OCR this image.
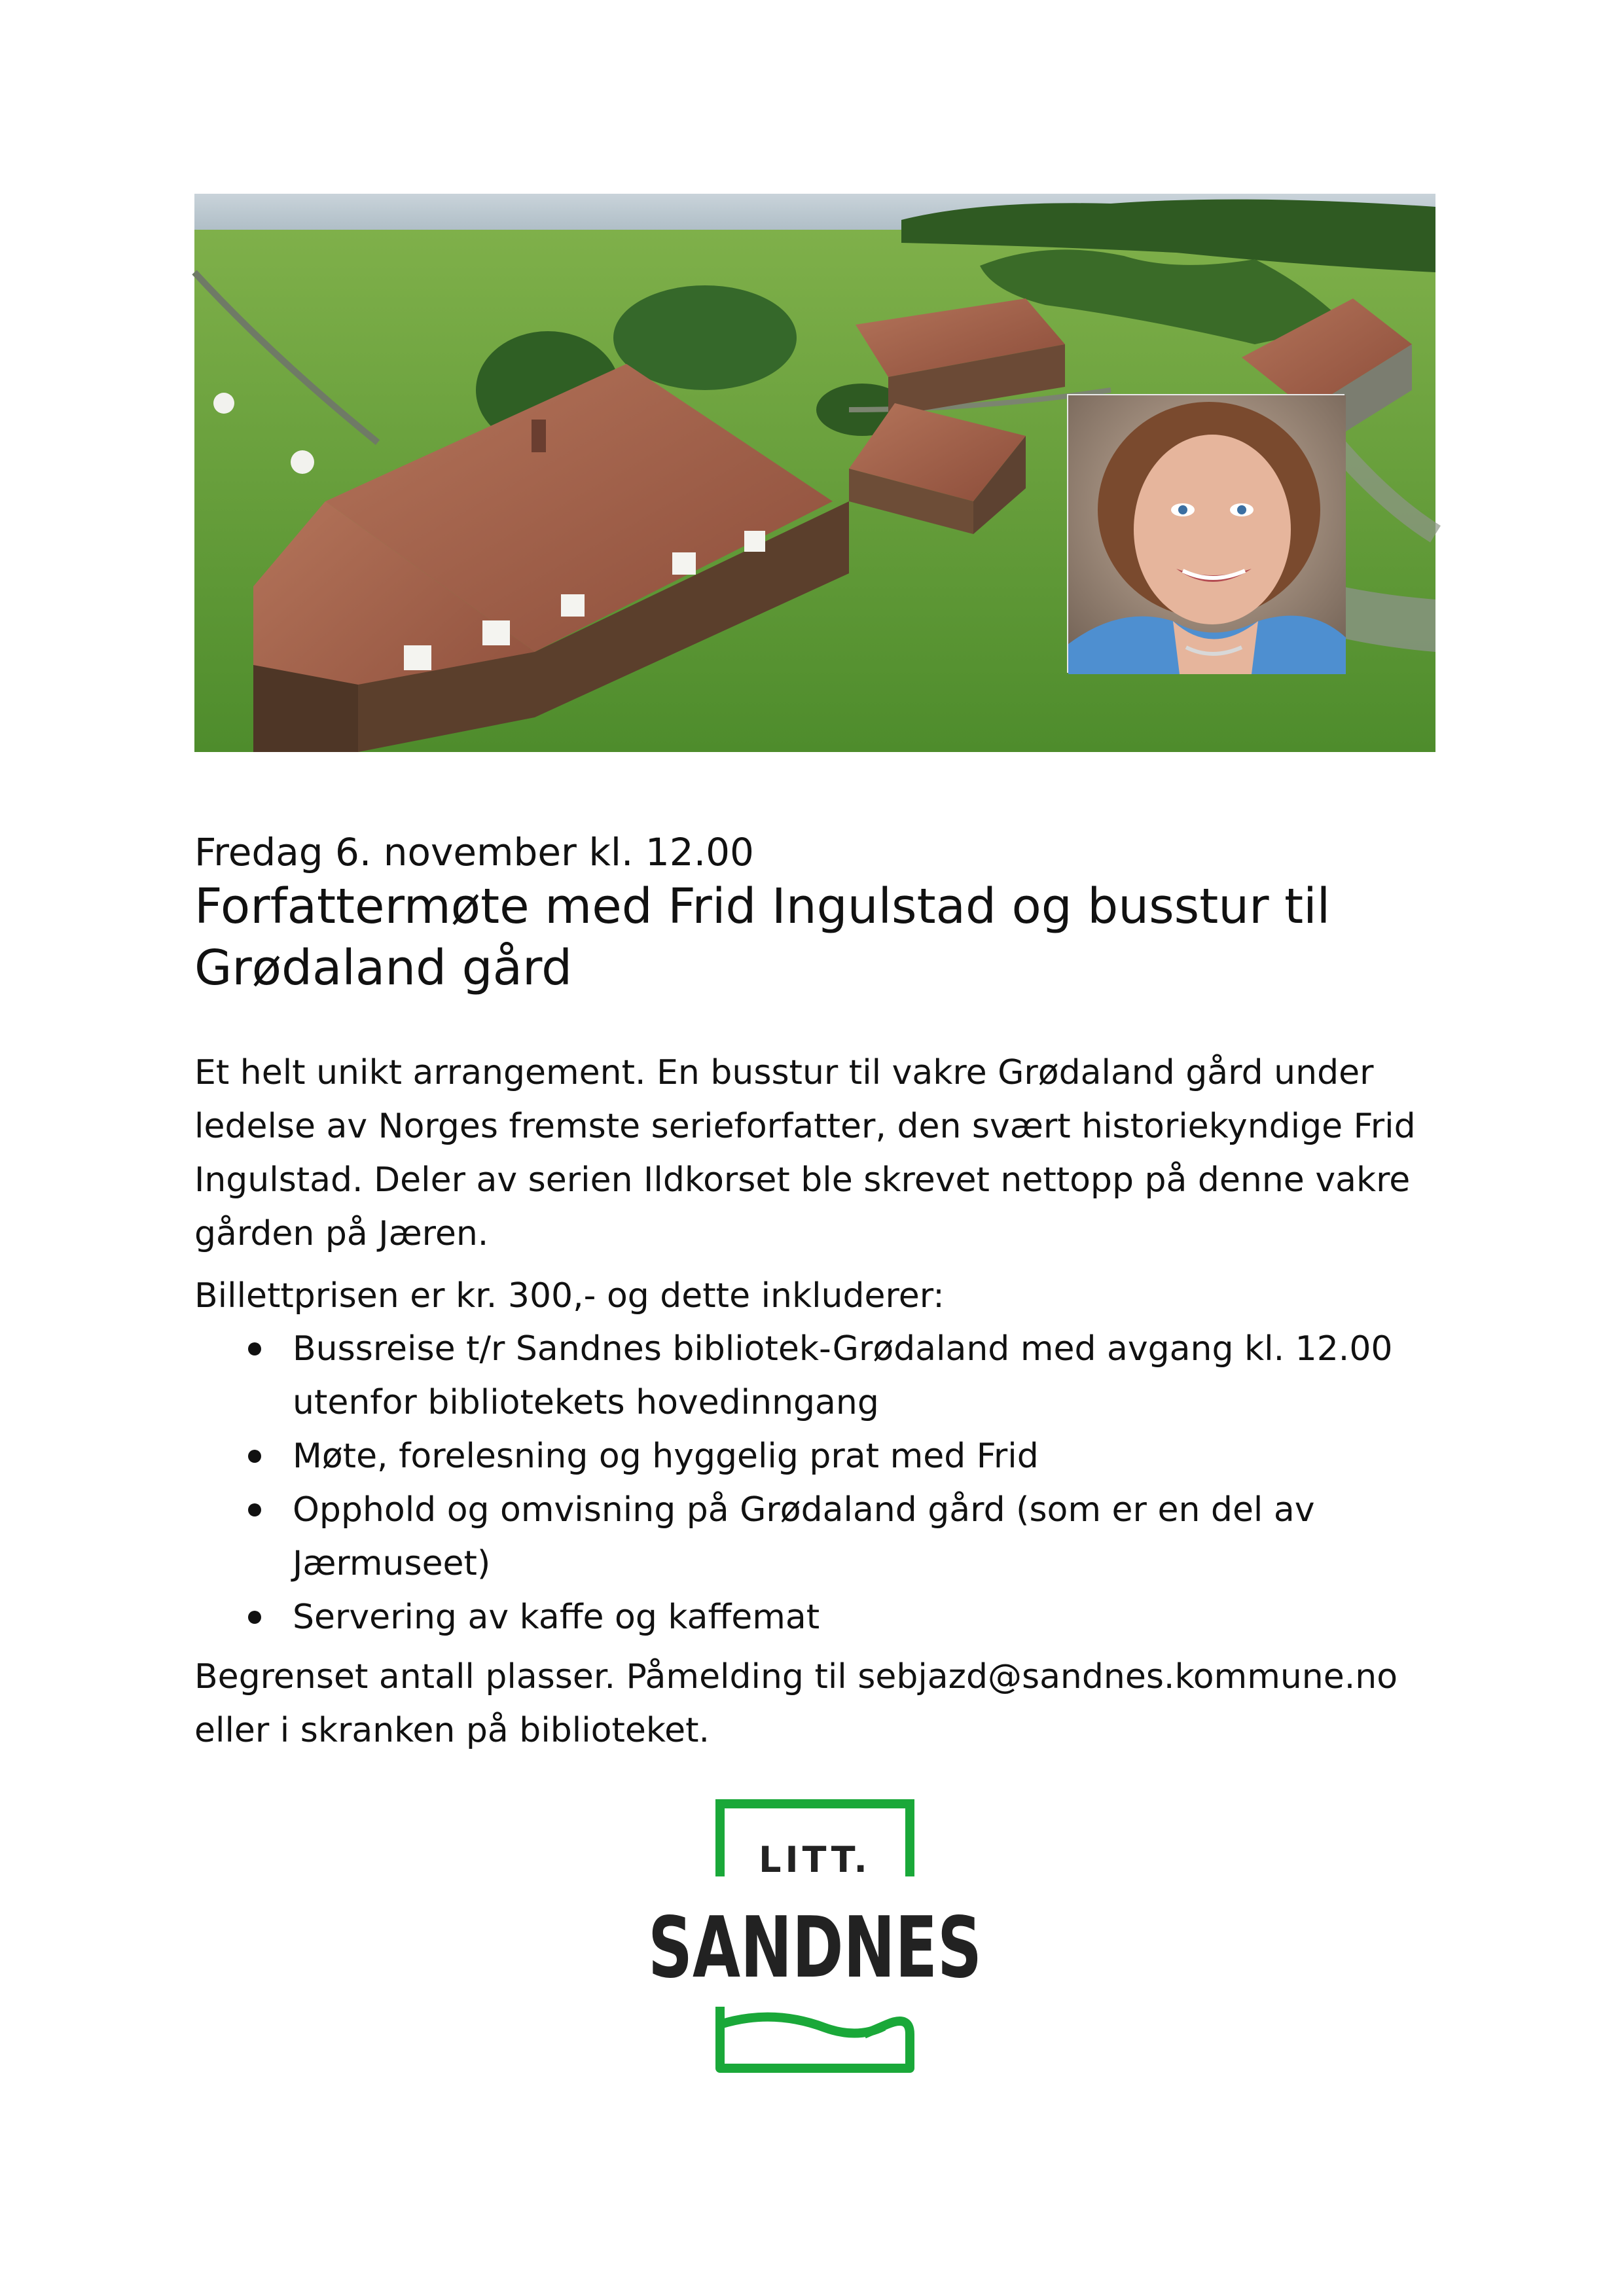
Fredag 6. november kl. 12.00
Forfattermøte med Frid Ingulstad og busstur til Grødaland gård
Et helt unikt arrangement. En busstur til vakre Grødaland gård under ledelse av Norges fremste serieforfatter, den svært historiekyndige Frid Ingulstad. Deler av serien Ildkorset ble skrevet nettopp på denne vakre gården på Jæren.
Billettprisen er kr. 300,- og dette inkluderer:
Bussreise t/r Sandnes bibliotek-Grødaland med avgang kl. 12.00 utenfor bibliotekets hovedinngang
Møte, forelesning og hyggelig prat med Frid
Opphold og omvisning på Grødaland gård (som er en del av Jærmuseet)
Servering av kaffe og kaffemat
Begrenset antall plasser. Påmelding til sebjazd@sandnes.kommune.no eller i skranken på biblioteket.
LITT.
SANDNES
